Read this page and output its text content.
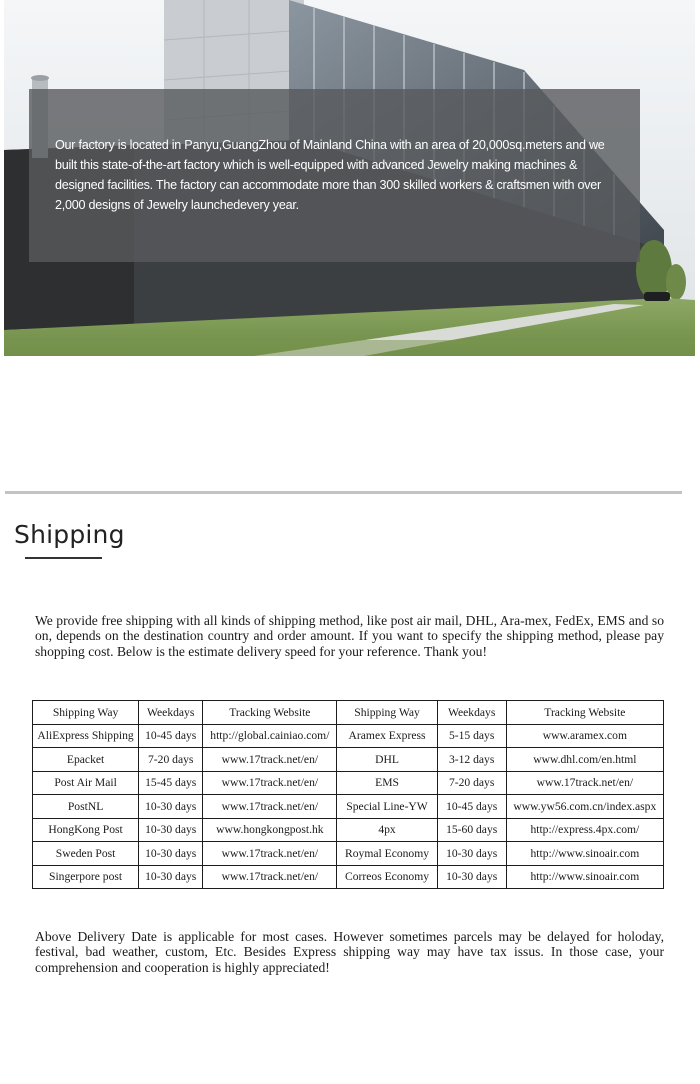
Our factory is located in Panyu,GuangZhou of Mainland China with an area of 20,000sq.meters and we built this state-of-the-art factory which is well-equipped with advanced Jewelry making machines & designed facilities. The factory can accommodate more than 300 skilled workers & craftsmen with over 2,000 designs of Jewelry launchedevery year.
Shipping
We provide free shipping with all kinds of shipping method, like post air mail, DHL, Ara-mex, FedEx, EMS and so on, depends on the destination country and order amount. If you want to specify the shipping method, please pay shopping cost. Below is the estimate delivery speed for your reference. Thank you!
Shipping Way	Weekdays	Tracking Website	Shipping Way	Weekdays	Tracking Website
AliExpress Shipping	10-45 days	http://global.cainiao.com/	Aramex Express	5-15 days	www.aramex.com
Epacket	7-20 days	www.17track.net/en/	DHL	3-12 days	www.dhl.com/en.html
Post Air Mail	15-45 days	www.17track.net/en/	EMS	7-20 days	www.17track.net/en/
PostNL	10-30 days	www.17track.net/en/	Special Line-YW	10-45 days	www.yw56.com.cn/index.aspx
HongKong Post	10-30 days	www.hongkongpost.hk	4px	15-60 days	http://express.4px.com/
Sweden Post	10-30 days	www.17track.net/en/	Roymal Economy	10-30 days	http://www.sinoair.com
Singerpore post	10-30 days	www.17track.net/en/	Correos Economy	10-30 days	http://www.sinoair.com
Above Delivery Date is applicable for most cases. However sometimes parcels may be delayed for holoday, festival, bad weather, custom, Etc. Besides Express shipping way may have tax issus. In those case, your comprehension and cooperation is highly appreciated!
